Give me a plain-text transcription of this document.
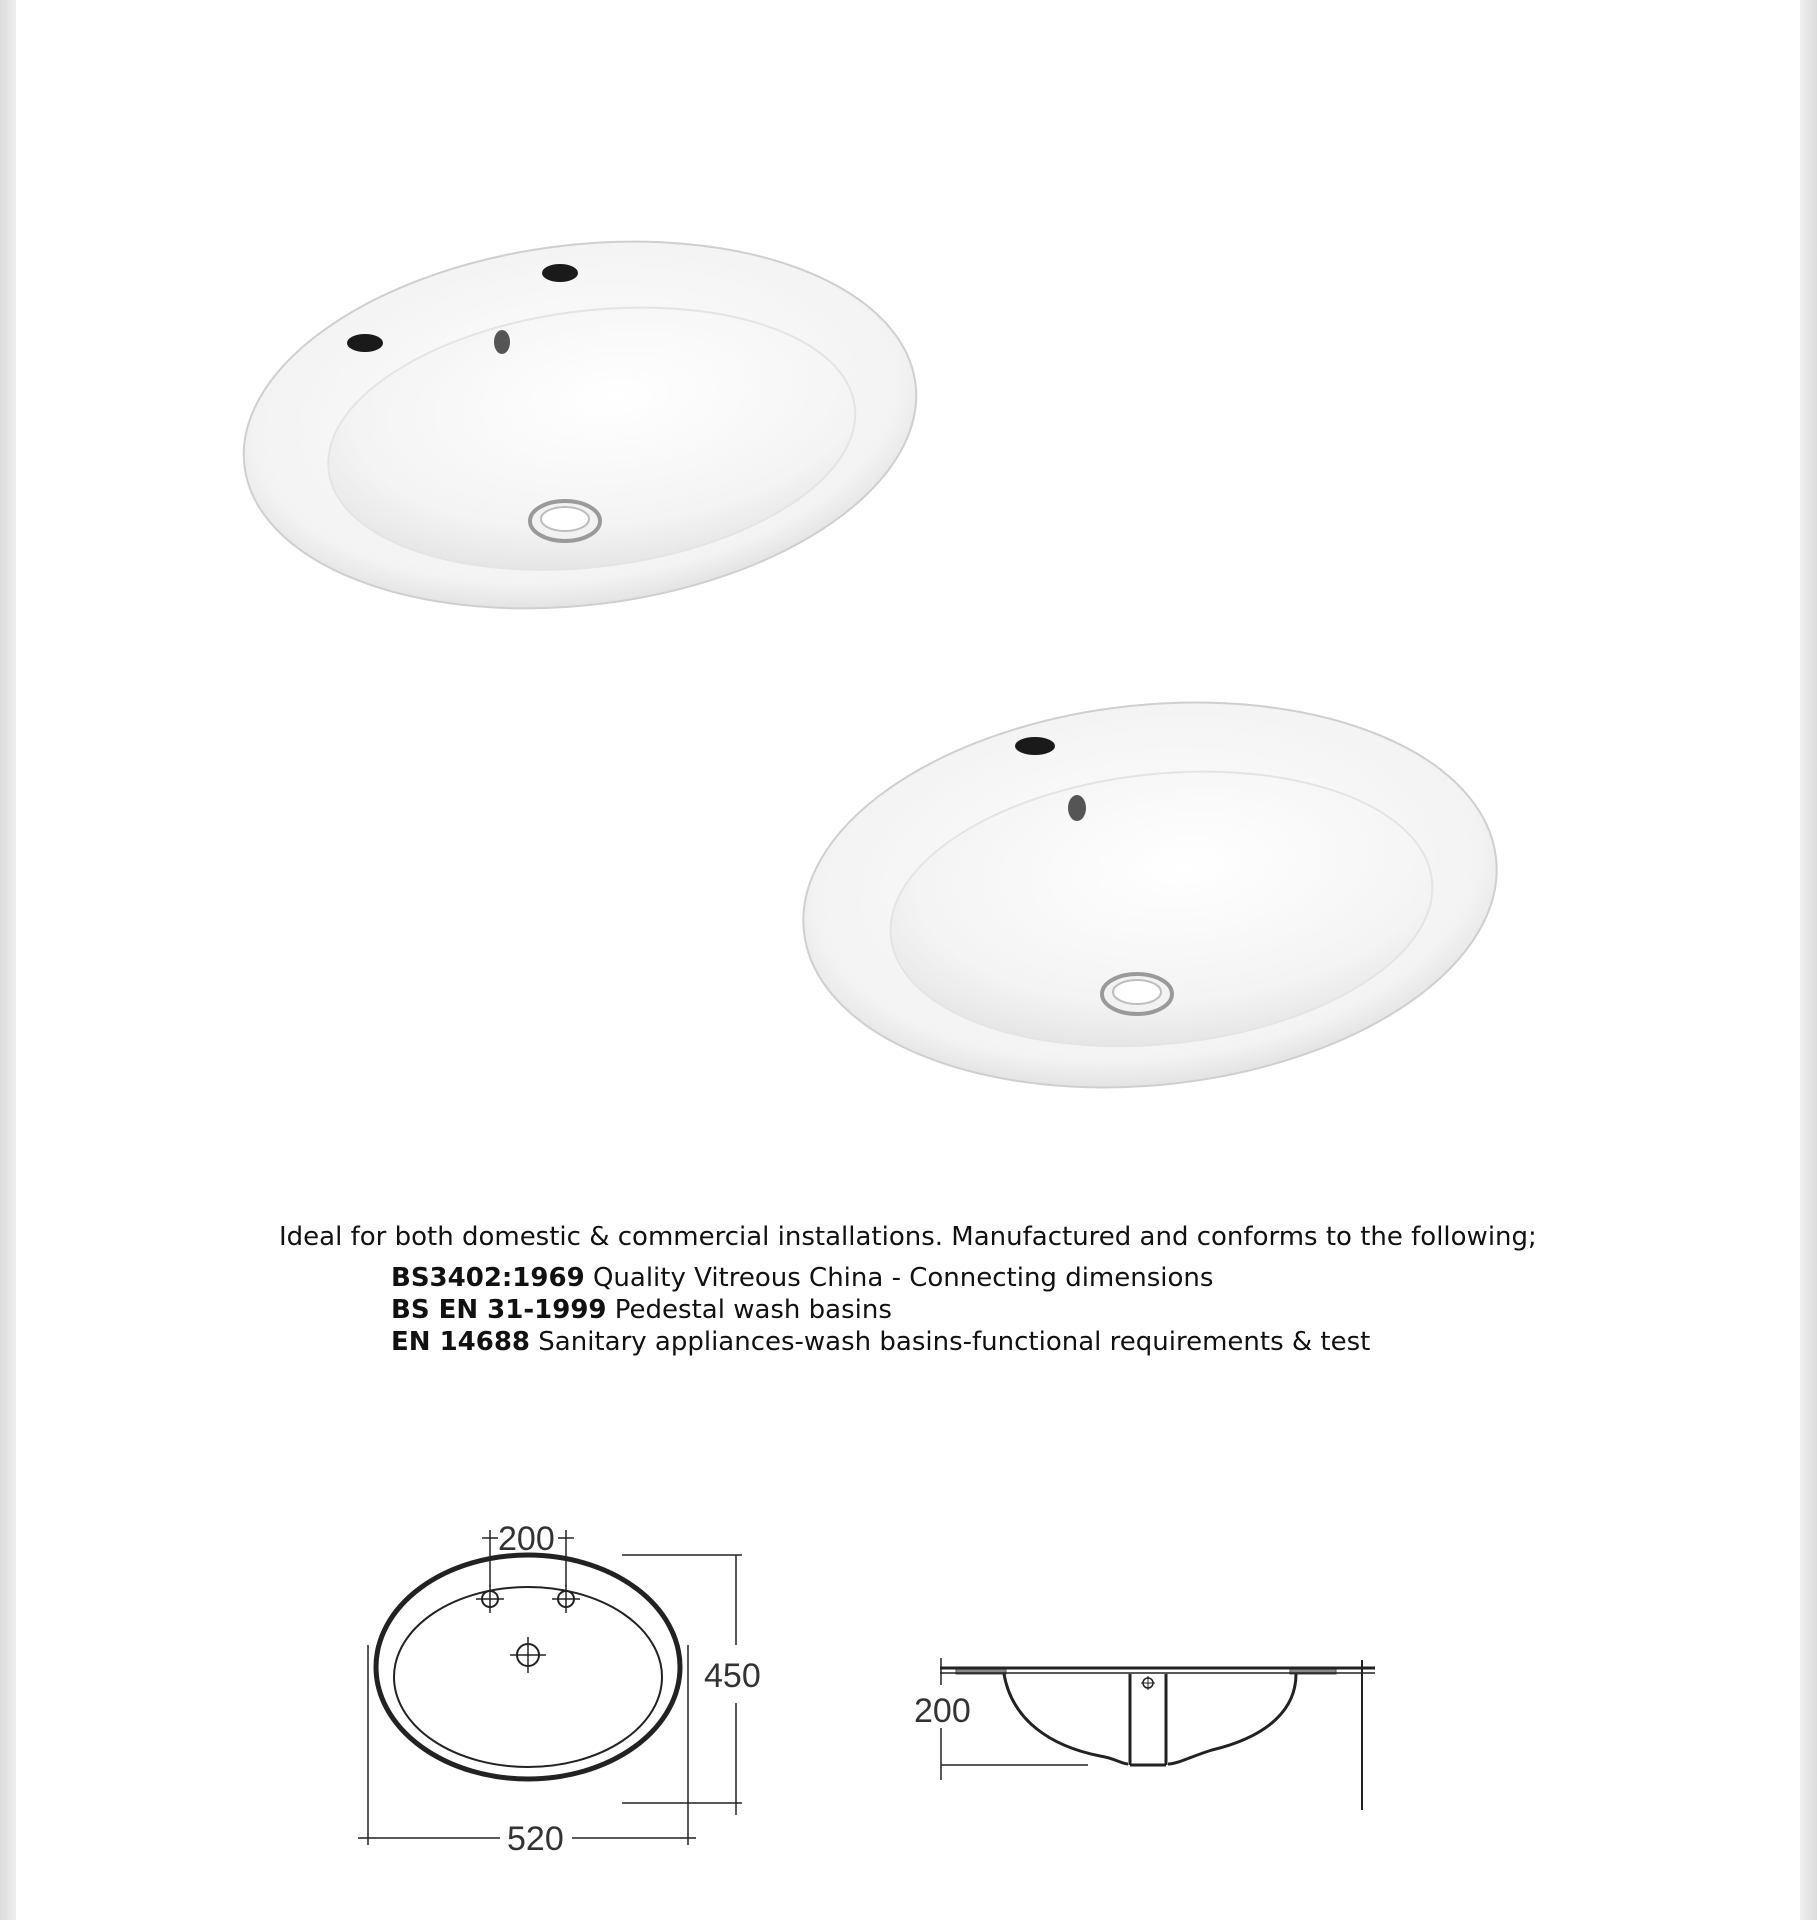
Ideal for both domestic & commercial installations. Manufactured and conforms to the following;

BS3402:1969 Quality Vitreous China - Connecting dimensions
BS EN 31-1999 Pedestal wash basins
EN 14688 Sanitary appliances-wash basins-functional requirements & test
200
450
520
200
